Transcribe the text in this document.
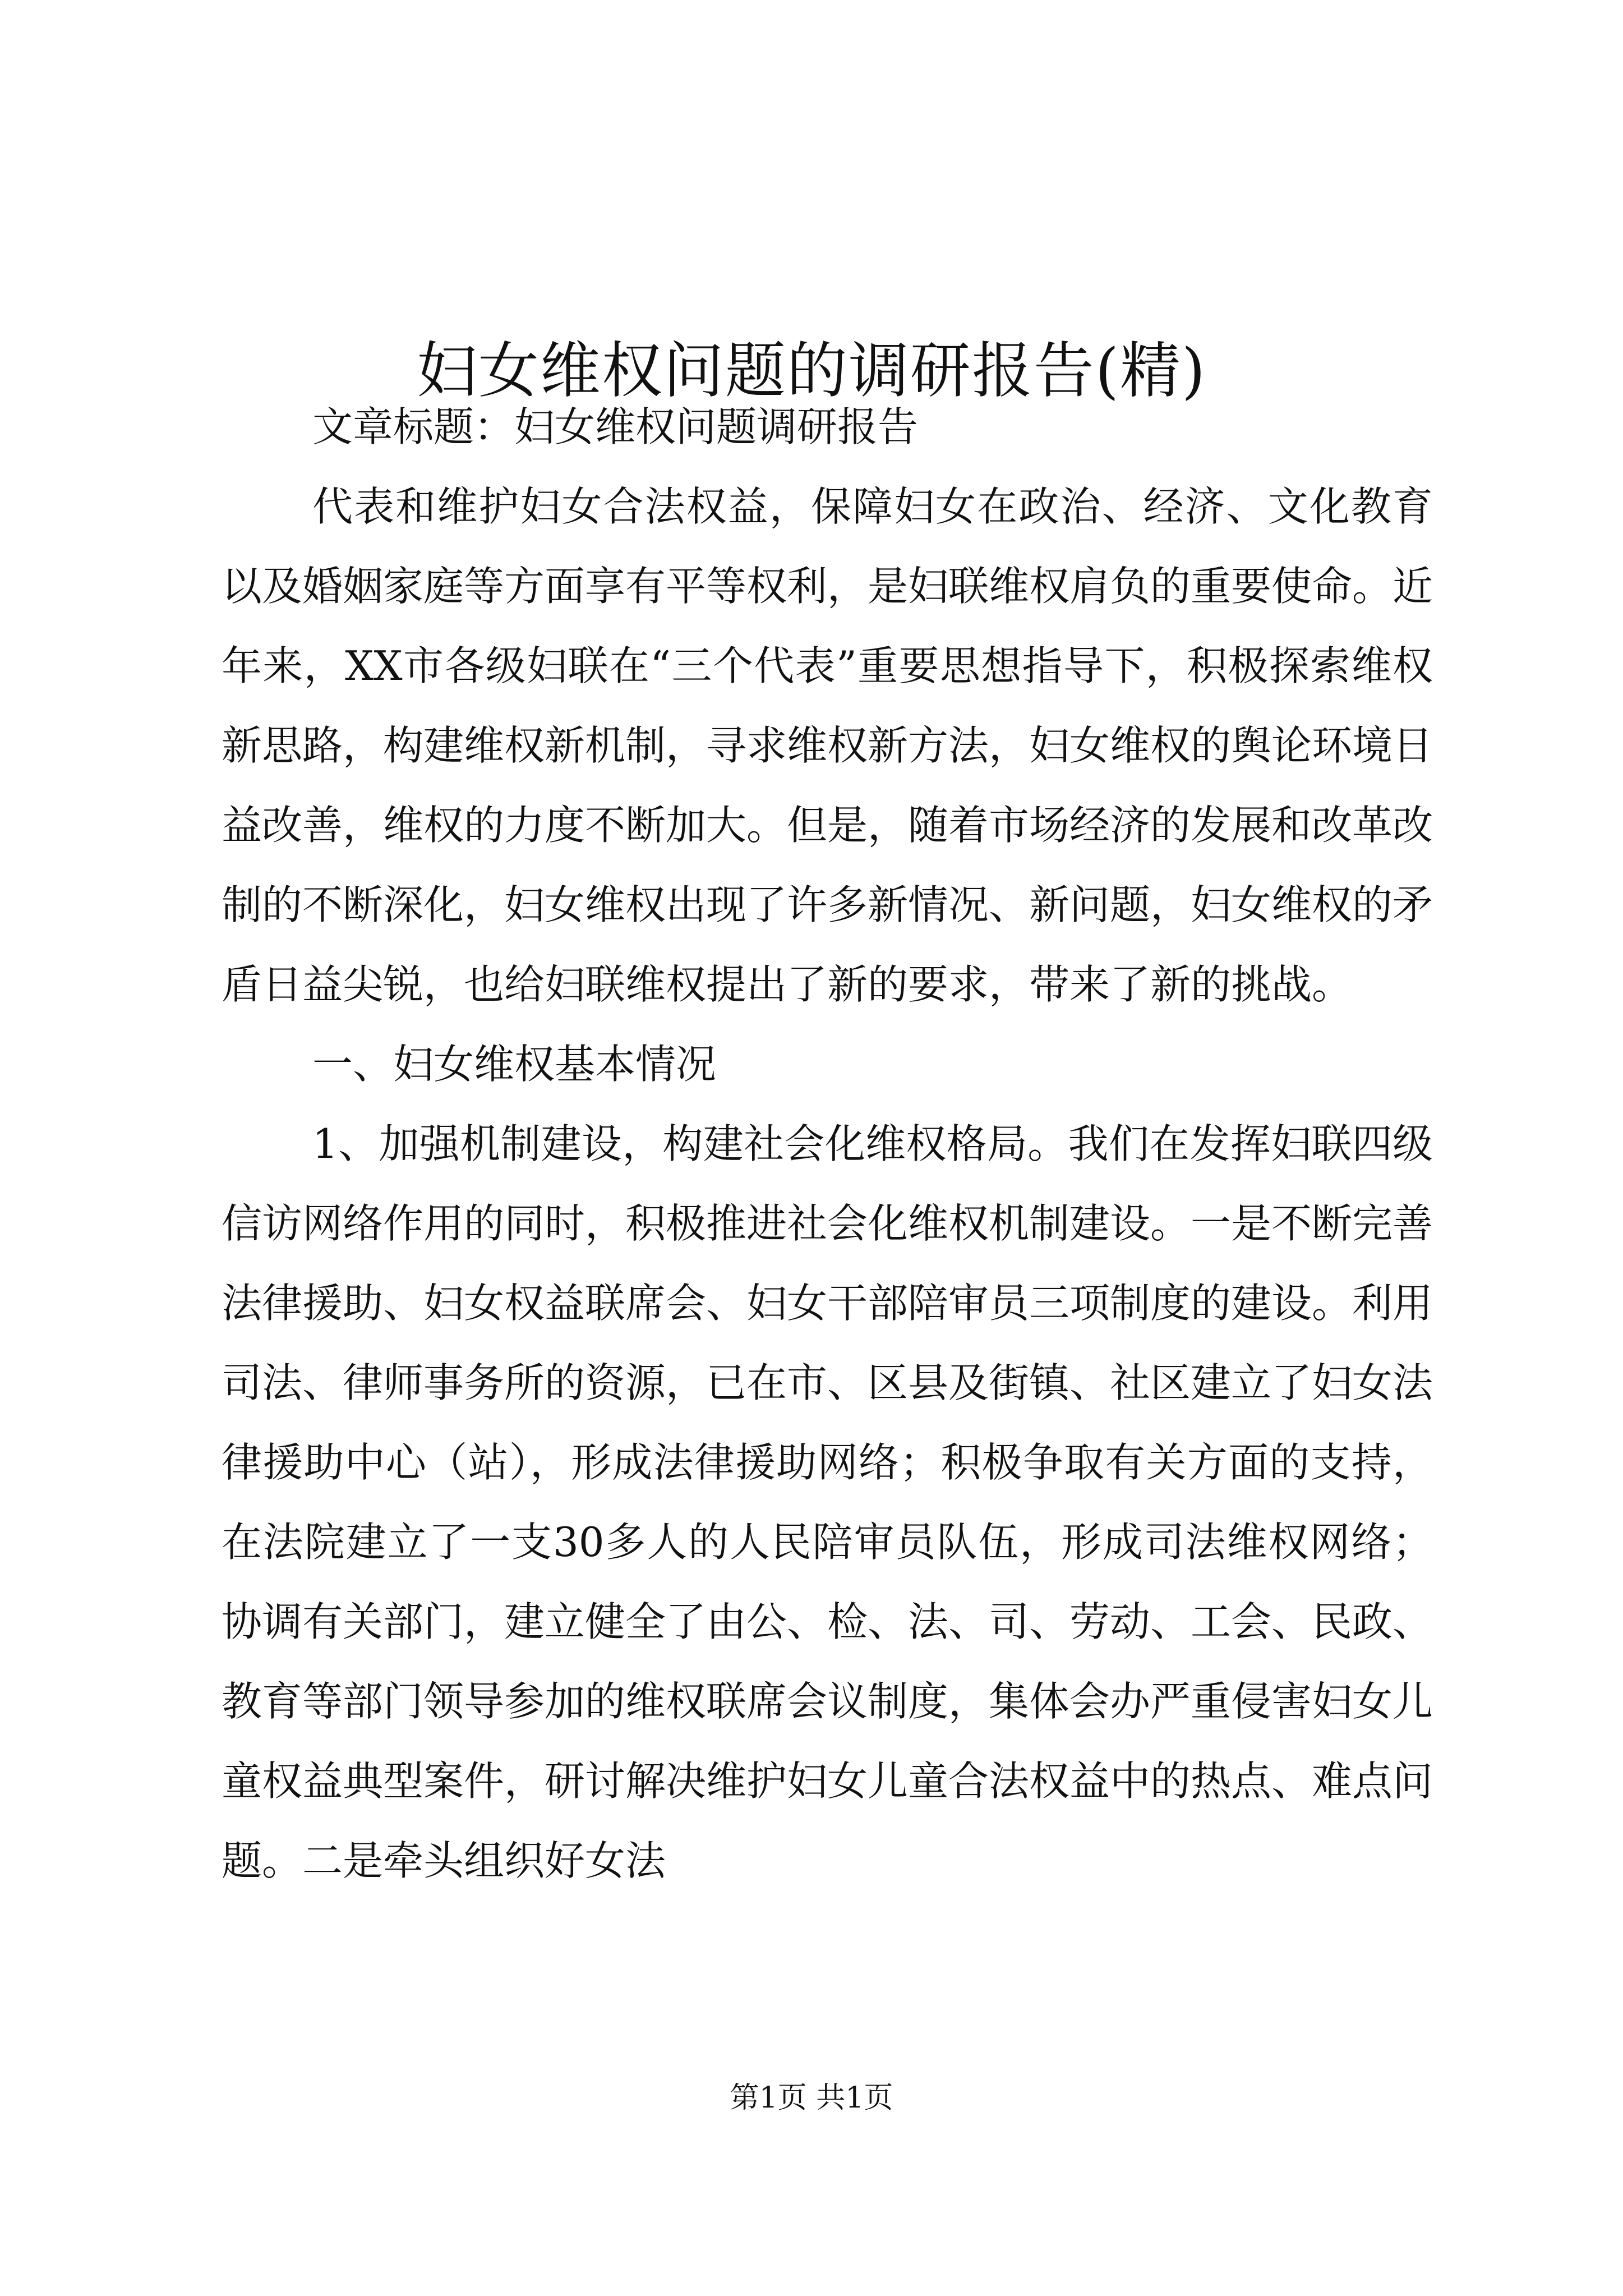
妇女维权问题的调研报告(精)

文章标题：妇女维权问题调研报告

代表和维护妇女合法权益，保障妇女在政治、经济、文化教育以及婚姻家庭等方面享有平等权利，是妇联维权肩负的重要使命。近年来，XX市各级妇联在“三个代表”重要思想指导下，积极探索维权新思路，构建维权新机制，寻求维权新方法，妇女维权的舆论环境日益改善，维权的力度不断加大。但是，随着市场经济的发展和改革改制的不断深化，妇女维权出现了许多新情况、新问题，妇女维权的矛盾日益尖锐，也给妇联维权提出了新的要求，带来了新的挑战。

一、妇女维权基本情况

1、加强机制建设，构建社会化维权格局。我们在发挥妇联四级信访网络作用的同时，积极推进社会化维权机制建设。一是不断完善法律援助、妇女权益联席会、妇女干部陪审员三项制度的建设。利用司法、律师事务所的资源，已在市、区县及街镇、社区建立了妇女法律援助中心（站），形成法律援助网络；积极争取有关方面的支持，在法院建立了一支30多人的人民陪审员队伍，形成司法维权网络；协调有关部门，建立健全了由公、检、法、司、劳动、工会、民政、教育等部门领导参加的维权联席会议制度，集体会办严重侵害妇女儿童权益典型案件，研讨解决维护妇女儿童合法权益中的热点、难点问题。二是牵头组织好女法

第1页 共1页
